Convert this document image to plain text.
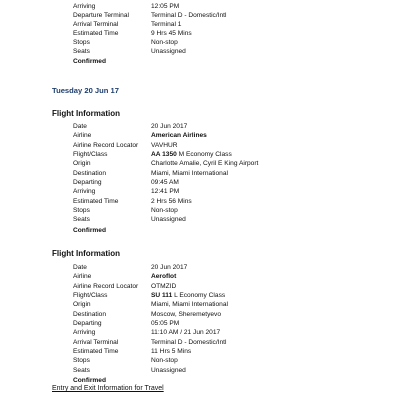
Arriving	12:05 PM
Departure Terminal	Terminal D - Domestic/Intl
Arrival Terminal	Terminal 1
Estimated Time	9 Hrs 45 Mins
Stops	Non-stop
Seats	Unassigned
Confirmed
Tuesday 20 Jun 17
Flight Information
Date	20 Jun 2017
Airline	American Airlines
Airline Record Locator VAVHUR
Flight/Class	AA 1350 M Economy Class
Origin	Charlotte Amalie, Cyril E King Airport
Destination	Miami, Miami International
Departing	09:45 AM
Arriving	12:41 PM
Estimated Time	2 Hrs 56 Mins
Stops	Non-stop
Seats	Unassigned
Confirmed
Flight Information
Date	20 Jun 2017
Airline	Aeroflot
Airline Record Locator OTMZID
Flight/Class	SU 111 L Economy Class
Origin	Miami, Miami International
Destination	Moscow, Sheremetyevo
Departing	05:05 PM
Arriving	11:10 AM / 21 Jun 2017
Arrival Terminal	Terminal D - Domestic/Intl
Estimated Time	11 Hrs 5 Mins
Stops	Non-stop
Seats	Unassigned
Confirmed
Entry and Exit Information for Travel
